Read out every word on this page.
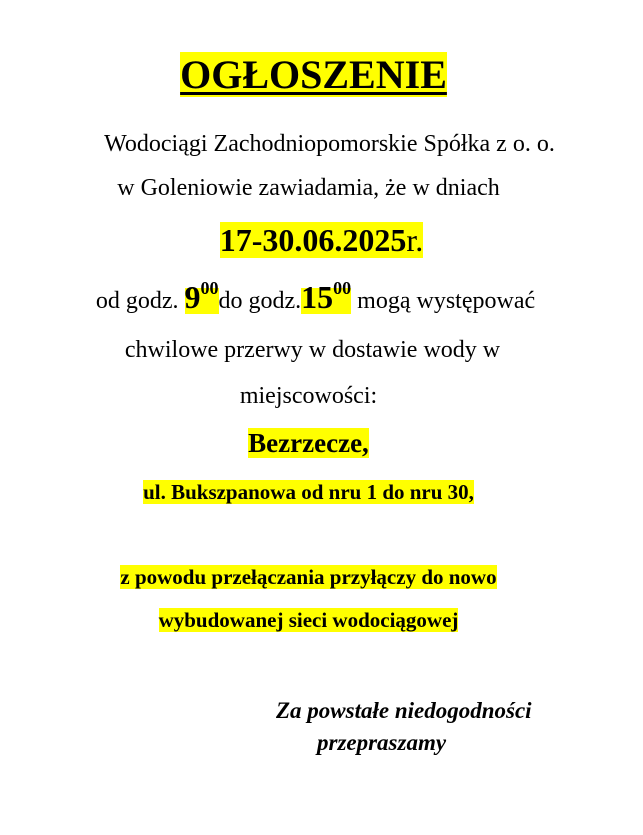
OGŁOSZENIE
Wodociągi Zachodniopomorskie Spółka z o. o.
w Goleniowie zawiadamia, że w dniach
17-30.06.2025r.
od godz. $9^{00}do$ $godz.15^{00}$ mogą występować
chwilowe przerwy w dostawie wody w
miejscowości:
Bezrzecze,
ul. Bukszpanowa od nru 1 do nru 30,
z powodu przełączania przyłączy do nowo
wybudowanej sieci wodociągowej
Za powstałe niedogodności
przepraszamy
